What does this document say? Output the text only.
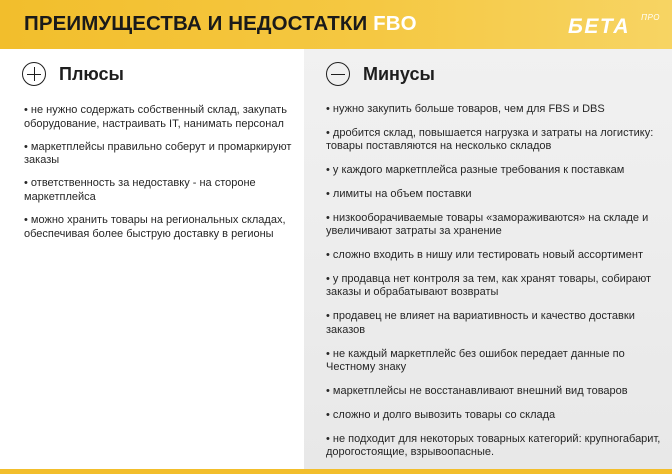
ПРЕИМУЩЕСТВА И НЕДОСТАТКИ FBO	БЕТА ПРО
Плюсы
• не нужно содержать собственный склад, закупать оборудование, настраивать IT, нанимать персонал
• маркетплейсы правильно соберут и промаркируют заказы
• ответственность за недоставку - на стороне маркетплейса
• можно хранить товары на региональных складах, обеспечивая более быструю доставку в регионы
Минусы
• нужно закупить больше товаров, чем для FBS и DBS
• дробится склад, повышается нагрузка и затраты на логистику: товары поставляются на несколько складов
• у каждого маркетплейса разные требования к поставкам
• лимиты на объем поставки
• низкооборачиваемые товары «замораживаются» на складе и увеличивают затраты за хранение
• сложно входить в нишу или тестировать новый ассортимент
• у продавца нет контроля за тем, как хранят товары, собирают заказы и обрабатывают возвраты
• продавец не влияет на вариативность и качество доставки заказов
• не каждый маркетплейс без ошибок передает данные по Честному знаку
• маркетплейсы не восстанавливают внешний вид товаров
• сложно и долго вывозить товары со склада
• не подходит для некоторых товарных категорий: крупногабарит, дорогостоящие, взрывоопасные.
